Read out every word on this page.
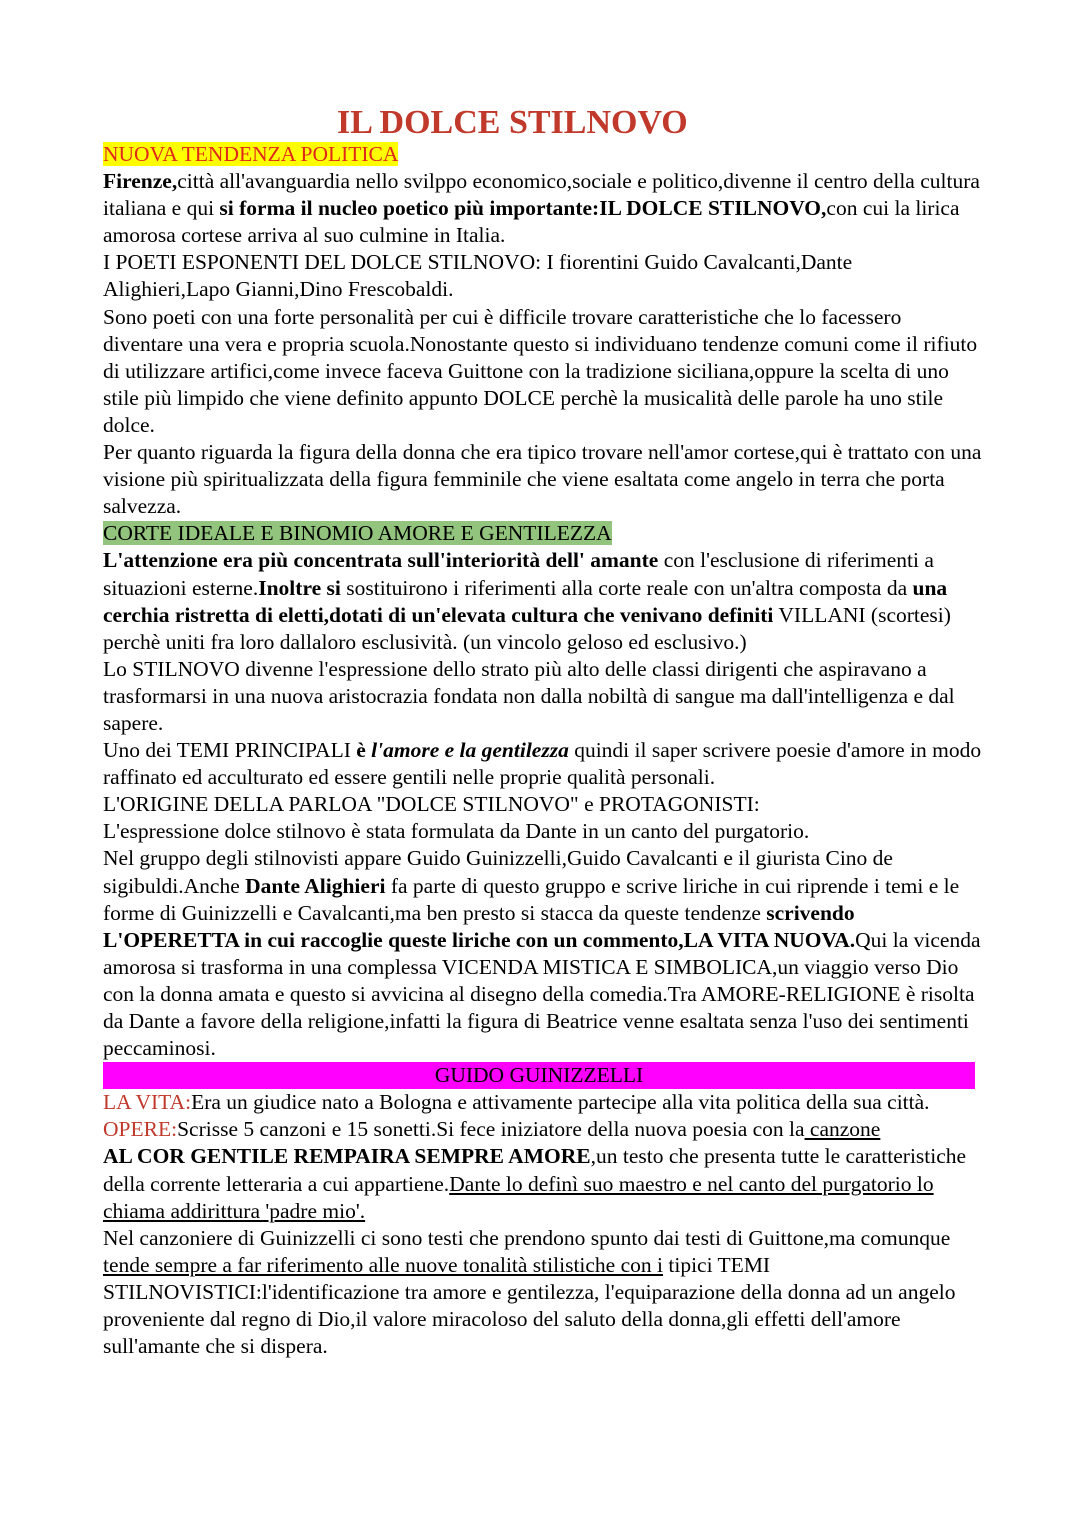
IL DOLCE STILNOVO

NUOVA TENDENZA POLITICA

Firenze,città all'avanguardia nello svilppo economico,sociale e politico,divenne il centro della cultura italiana e qui si forma il nucleo poetico più importante:IL DOLCE STILNOVO,con cui la lirica amorosa cortese arriva al suo culmine in Italia.

I POETI ESPONENTI DEL DOLCE STILNOVO: I fiorentini Guido Cavalcanti,Dante Alighieri,Lapo Gianni,Dino Frescobaldi.

Sono poeti con una forte personalità per cui è difficile trovare caratteristiche che lo facessero diventare una vera e propria scuola.Nonostante questo si individuano tendenze comuni come il rifiuto di utilizzare artifici,come invece faceva Guittone con la tradizione siciliana,oppure la scelta di uno stile più limpido che viene definito appunto DOLCE perchè la musicalità delle parole ha uno stile dolce.

Per quanto riguarda la figura della donna che era tipico trovare nell'amor cortese,qui è trattato con una visione più spiritualizzata della figura femminile che viene esaltata come angelo in terra che porta salvezza.

CORTE IDEALE E BINOMIO AMORE E GENTILEZZA

L'attenzione era più concentrata sull'interiorità dell' amante con l'esclusione di riferimenti a situazioni esterne.Inoltre si sostituirono i riferimenti alla corte reale con un'altra composta da una cerchia ristretta di eletti,dotati di un'elevata cultura che venivano definiti VILLANI (scortesi) perchè uniti fra loro dallaloro esclusività. (un vincolo geloso ed esclusivo.)

Lo STILNOVO divenne l'espressione dello strato più alto delle classi dirigenti che aspiravano a trasformarsi in una nuova aristocrazia fondata non dalla nobiltà di sangue ma dall'intelligenza e dal sapere.

Uno dei TEMI PRINCIPALI è l'amore e la gentilezza quindi il saper scrivere poesie d'amore in modo raffinato ed acculturato ed essere gentili nelle proprie qualità personali.

L'ORIGINE DELLA PARLOA "DOLCE STILNOVO" e PROTAGONISTI:

L'espressione dolce stilnovo è stata formulata da Dante in un canto del purgatorio.

Nel gruppo degli stilnovisti appare Guido Guinizzelli,Guido Cavalcanti e il giurista Cino de sigibuldi.Anche Dante Alighieri fa parte di questo gruppo e scrive liriche in cui riprende i temi e le forme di Guinizzelli e Cavalcanti,ma ben presto si stacca da queste tendenze scrivendo L'OPERETTA in cui raccoglie queste liriche con un commento,LA VITA NUOVA.Qui la vicenda amorosa si trasforma in una complessa VICENDA MISTICA E SIMBOLICA,un viaggio verso Dio con la donna amata e questo si avvicina al disegno della comedia.Tra AMORE-RELIGIONE è risolta da Dante a favore della religione,infatti la figura di Beatrice venne esaltata senza l'uso dei sentimenti peccaminosi.

GUIDO GUINIZZELLI

LA VITA:Era un giudice nato a Bologna e attivamente partecipe alla vita politica della sua città.

OPERE:Scrisse 5 canzoni e 15 sonetti.Si fece iniziatore della nuova poesia con la canzone
AL COR GENTILE REMPAIRA SEMPRE AMORE,un testo che presenta tutte le caratteristiche della corrente letteraria a cui appartiene.Dante lo definì suo maestro e nel canto del purgatorio lo chiama addirittura 'padre mio'.

Nel canzoniere di Guinizzelli ci sono testi che prendono spunto dai testi di Guittone,ma comunque tende sempre a far riferimento alle nuove tonalità stilistiche con i tipici TEMI STILNOVISTICI:l'identificazione tra amore e gentilezza, l'equiparazione della donna ad un angelo proveniente dal regno di Dio,il valore miracoloso del saluto della donna,gli effetti dell'amore sull'amante che si dispera.
